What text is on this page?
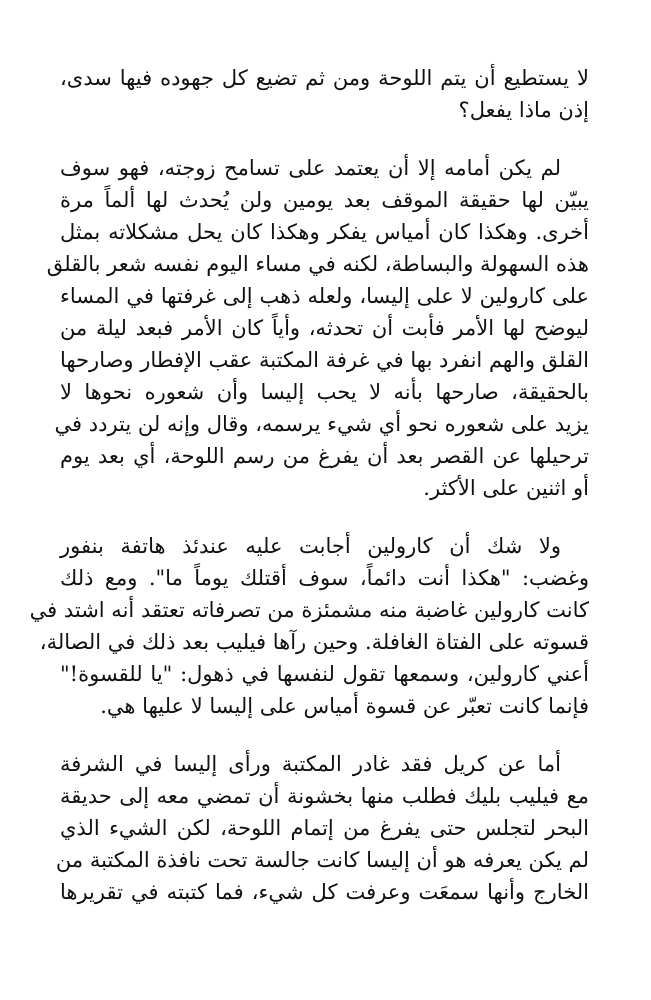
لا يستطيع أن يتم اللوحة ومن ثم تضيع كل جهوده فيها سدى،
إذن ماذا يفعل؟
لم يكن أمامه إلا أن يعتمد على تسامح زوجته، فهو سوف
يبيّن لها حقيقة الموقف بعد يومين ولن يُحدث لها ألماً مرة
أخرى. وهكذا كان أمياس يفكر وهكذا كان يحل مشكلاته بمثل
هذه السهولة والبساطة، لكنه في مساء اليوم نفسه شعر بالقلق
على كارولين لا على إليسا، ولعله ذهب إلى غرفتها في المساء
ليوضح لها الأمر فأبت أن تحدثه، وأياً كان الأمر فبعد ليلة من
القلق والهم انفرد بها في غرفة المكتبة عقب الإفطار وصارحها
بالحقيقة، صارحها بأنه لا يحب إليسا وأن شعوره نحوها لا
يزيد على شعوره نحو أي شيء يرسمه، وقال وإنه لن يتردد في
ترحيلها عن القصر بعد أن يفرغ من رسم اللوحة، أي بعد يوم
أو اثنين على الأكثر.
ولا شك أن كارولين أجابت عليه عندئذ هاتفة بنفور
وغضب: "هكذا أنت دائماً، سوف أقتلك يوماً ما". ومع ذلك
كانت كارولين غاضبة منه مشمئزة من تصرفاته تعتقد أنه اشتد في
قسوته على الفتاة الغافلة. وحين رآها فيليب بعد ذلك في الصالة،
أعني كارولين، وسمعها تقول لنفسها في ذهول: "يا للقسوة!"
فإنما كانت تعبّر عن قسوة أمياس على إليسا لا عليها هي.
أما عن كريل فقد غادر المكتبة ورأى إليسا في الشرفة
مع فيليب بليك فطلب منها بخشونة أن تمضي معه إلى حديقة
البحر لتجلس حتى يفرغ من إتمام اللوحة، لكن الشيء الذي
لم يكن يعرفه هو أن إليسا كانت جالسة تحت نافذة المكتبة من
الخارج وأنها سمعَت وعرفت كل شيء، فما كتبته في تقريرها
